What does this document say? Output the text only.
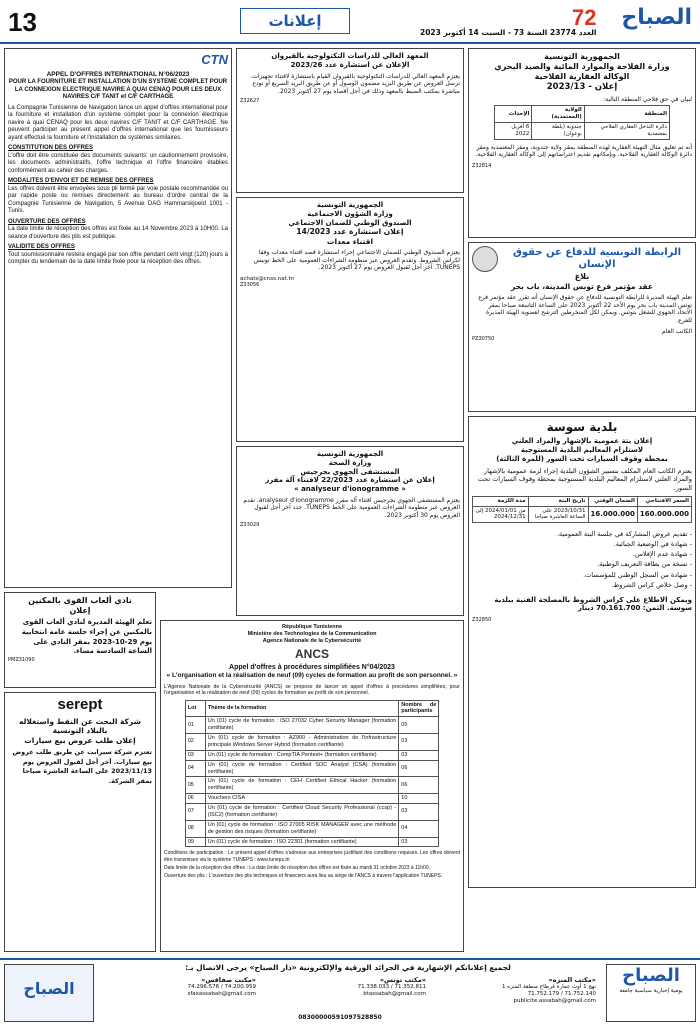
13	إعلانات
العدد 23774 السنة 73 - السبت 14 أكتوبر 2023
الصباح
72
الجمهورية التونسية
وزارة الفلاحة والموارد المائية والصيد البحري
الوكالة العقارية الفلاحية
إعلان - 2023/13
لبيان في حق فلاحي المنطقة التالية:
المنطقة	الولاية (المعتمدية)	الإحداث
دائرة التدخل العقاري الفلاحي بمعتمدية	جندوبة (بلطة بوعوان)	6 أفريل 2022
أنه تم تعليق مثال التهيئة العقارية لهذه المنطقة بمقر ولاية جندوبة، ومقر المعتمدية ومقر دائرة الوكالة العقارية الفلاحية. وبإمكانهم تقديم اعتراضاتهم إلى الوكالة العقارية الفلاحية.
Z32814
الرابطة التونسية للدفاع عن حقوق الإنسان
بلاغ
عقد مؤتمر فرع تونس المدينة، باب بحر
تعلم الهيئة المديرة للرابطة التونسية للدفاع عن حقوق الإنسان أنه تقرر عقد مؤتمر فرع تونس المدينة باب بحر يوم الأحد 22 أكتوبر 2023 على الساعة التاسعة صباحا بمقر الاتحاد الجهوي للشغل بتونس. ويمكن لكل المنخرطين الترشح لعضوية الهيئة المديرة للفرع.
الكاتب العام
PZ30750
بلدية سوسة
إعلان بتة عمومية بالإشهار والمزاد العلني
لاستلزام المعاليم البلدية المستوجبة
بمحطة وقوف السيارات تحت السور (للمرة الثالثة)
يعتزم الكاتب العام المكلف بتسيير الشؤون البلدية إجراء لزمة عمومية بالإشهار والمزاد العلني لاستلزام المعاليم البلدية المستوجبة بمحطة وقوف السيارات تحت السور.
السعر الافتتاحي	الضمان الوقتي	تاريخ البتة	مدة اللزمة
160.000.000	16.000.000	2023/10/31 على الساعة العاشرة صباحا	من 2024/01/01 إلى 2024/12/31
- تقديم عروض المشاركة في جلسة البتة العمومية.
- شهادة في الوضعية الجبائية.
- شهادة عدم الإفلاس.
- نسخة من بطاقة التعريف الوطنية.
- شهادة من السجل الوطني للمؤسسات.
- وصل خلاص كراس الشروط.
ويمكن الاطلاع على كراس الشروط بالمصلحة الفنية ببلدية سوسة. الثمن: 70.161.700 دينار
Z32850
المعهد العالي للدراسات التكنولوجية بالقيروان
الإعلان عن استشارة عدد 2023/26
يعتزم المعهد العالي للدراسات التكنولوجية بالقيروان القيام باستشارة لاقتناء تجهيزات. ترسل العروض عن طريق البريد مضمون الوصول أو عن طريق البريد السريع أو تودع مباشرة بمكتب الضبط بالمعهد وذلك في أجل أقصاه يوم 27 أكتوبر 2023.
Z32627
الجمهورية التونسية
وزارة الشؤون الاجتماعية
الصندوق الوطني للضمان الاجتماعي
إعلان استشارة عدد 14/2023
اقتناء معدات
يعتزم الصندوق الوطني للضمان الاجتماعي إجراء استشارة قصد اقتناء معدات وفقا لكراس الشروط. وتقدم العروض عبر منظومة الشراءات العمومية على الخط تونبس TUNEPS. آخر أجل لقبول العروض يوم 27 أكتوبر 2023.
achats@cnss.nat.tn
Z33056
الجمهورية التونسية
وزارة الصحة
المستشفى الجهوي بجرجيس
إعلان عن استشارة عدد 22/2023 لاقتناء آلة مفرز
« analyseur d'ionogramme »
يعتزم المستشفى الجهوي بجرجيس اقتناء آلة مفرز analyseur d'ionogramme. تقدم العروض عبر منظومة الشراءات العمومية على الخط TUNEPS. حدد آخر أجل لقبول العروض يوم 30 أكتوبر 2023.
Z33029
République Tunisienne
Ministère des Technologies de la Communication
Agence Nationale de la Cybersécurité
ANCS
Appel d'offres à procédures simplifiées N°04/2023
« L'organisation et la réalisation de neuf (09) cycles de formation au profit de son personnel. »
L'Agence Nationale de la Cybersécurité (ANCS) se propose de lancer un appel d'offres à procédures simplifiées, pour l'organisation et la réalisation de neuf (09) cycles de formation au profit de son personnel.
Lot	Thème de la formation	Nombre de participants
01	Un (01) cycle de formation : ISO 27032 Cyber Security Manager (formation certifiante)	05
02	Un (01) cycle de formation : AZ900 - Administration de l'infrastructure principale Windows Server Hybrid (formation certifiante)	03
03	Un (01) cycle de formation : CompTIA Pentest+ (formation certifiante)	03
04	Un (01) cycle de formation : Certified SOC Analyst (CSA) (formation certifiante)	06
05	Un (01) cycle de formation : CEH Certified Ethical Hacker (formation certifiante)	06
06	Vouchers CISA	10
07	Un (01) cycle de formation : Certified Cloud Security Professional (ccsp) - (ISC2) (formation certifiante)	03
08	Un (01) cycle de formation : ISO 27005 RISK MANAGER avec une méthode de gestion des risques (formation certifiante)	04
09	Un (01) cycle de formation : ISO 22301 (formation certifiante)	03
Conditions de participation : Le présent appel d'offres s'adresse aux entreprises justifiant des conditions requises. Les offres doivent être transmises via le système TUNEPS : www.tuneps.tn
Date limite de la réception des offres : La date limite de réception des offres est fixée au mardi 31 octobre 2023 à 11h00.
Ouverture des plis : L'ouverture des plis techniques et financiers aura lieu au siège de l'ANCS à travers l'application TUNEPS.
CTN
APPEL D'OFFRES INTERNATIONAL N°06/2023
POUR LA FOURNITURE ET INSTALLATION D'UN SYSTEME COMPLET POUR LA CONNEXION ELECTRIQUE NAVIRE A QUAI CENAQ POUR LES DEUX NAVIRES C/F TANIT et C/F CARTHAGE
La Compagnie Tunisienne de Navigation lance un appel d'offres international pour la fourniture et installation d'un système complet pour la connexion électrique navire à quai CENAQ pour les deux navires C/F TANIT et C/F CARTHAGE. Ne peuvent participer au présent appel d'offres international que les fournisseurs ayant effectué la fourniture et l'installation de systèmes similaires.
CONSTITUTION DES OFFRES
L'offre doit être constituée des documents suivants: un cautionnement provisoire, les documents administratifs, l'offre technique et l'offre financière établies conformément au cahier des charges.
MODALITES D'ENVOI ET DE REMISE DES OFFRES
Les offres doivent être envoyées sous pli fermé par voie postale recommandée ou par rapide poste ou remises directement au bureau d'ordre central de la Compagnie Tunisienne de Navigation, 5 Avenue DAG Hammarskjoeld 1001 - Tunis.
OUVERTURE DES OFFRES
La date limite de réception des offres est fixée au 14 Novembre 2023 à 10H00. La séance d'ouverture des plis est publique.
VALIDITE DES OFFRES
Tout soumissionnaire restera engagé par son offre pendant cent vingt (120) jours à compter du lendemain de la date limite fixée pour la réception des offres.
نادي ألعاب القوى بالمكنين
إعلان
تعلم الهيئة المديرة لنادي ألعاب القوى بالمكنين عن إجراء جلسة عامة انتخابية يوم 29-10-2023 بمقر النادي على الساعة السادسة مساء.
PMZ31090
serept
شركة البحث عن النفط واستغلاله
بالبلاد التونسية
إعلان طلب عروض بيع سيارات
تعتزم شركة سيرابت عن طريق طلب عروض بيع سيارات. آخر أجل لقبول العروض يوم 2023/11/13 على الساعة العاشرة صباحا بمقر الشركة.
الصباح
يومية إخبارية سياسية جامعة
لجميع إعلاناتكم الإشهارية في الجرائد الورقية والإلكترونية «دار الصباح» يرجى الاتصال بـ:
«مكتب المنزه»
نهج 1 أوت عمارة قرطاج منطقة المنزه 1
71.752.179 / 71.752.140
publicite.assabah@gmail.com
«مكتب تونس»
71.338.033 / 71.352.811
btassabah@gmail.com
«مكتب صفاقس»
74.296.576 / 74.200.959
sfaxassabah@gmail.com
08300000591097528850
الصباح
